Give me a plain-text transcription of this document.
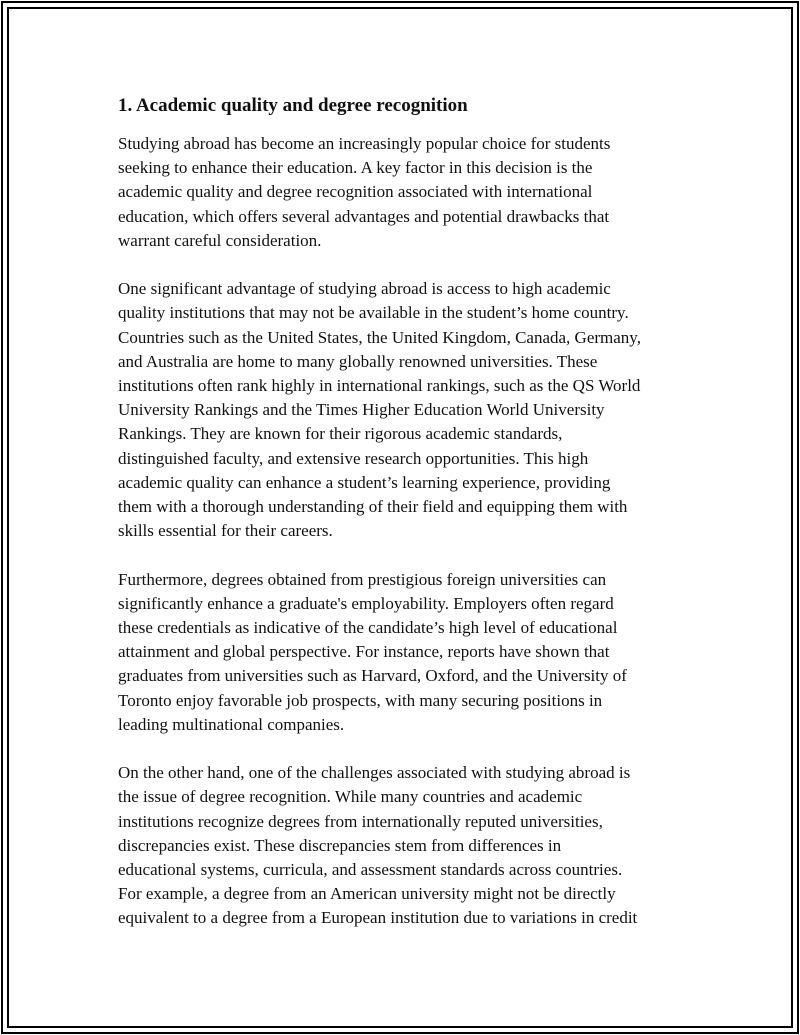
1. Academic quality and degree recognition

Studying abroad has become an increasingly popular choice for students
seeking to enhance their education. A key factor in this decision is the
academic quality and degree recognition associated with international
education, which offers several advantages and potential drawbacks that
warrant careful consideration.

One significant advantage of studying abroad is access to high academic
quality institutions that may not be available in the student’s home country.
Countries such as the United States, the United Kingdom, Canada, Germany,
and Australia are home to many globally renowned universities. These
institutions often rank highly in international rankings, such as the QS World
University Rankings and the Times Higher Education World University
Rankings. They are known for their rigorous academic standards,
distinguished faculty, and extensive research opportunities. This high
academic quality can enhance a student’s learning experience, providing
them with a thorough understanding of their field and equipping them with
skills essential for their careers.

Furthermore, degrees obtained from prestigious foreign universities can
significantly enhance a graduate's employability. Employers often regard
these credentials as indicative of the candidate’s high level of educational
attainment and global perspective. For instance, reports have shown that
graduates from universities such as Harvard, Oxford, and the University of
Toronto enjoy favorable job prospects, with many securing positions in
leading multinational companies.

On the other hand, one of the challenges associated with studying abroad is
the issue of degree recognition. While many countries and academic
institutions recognize degrees from internationally reputed universities,
discrepancies exist. These discrepancies stem from differences in
educational systems, curricula, and assessment standards across countries.
For example, a degree from an American university might not be directly
equivalent to a degree from a European institution due to variations in credit
